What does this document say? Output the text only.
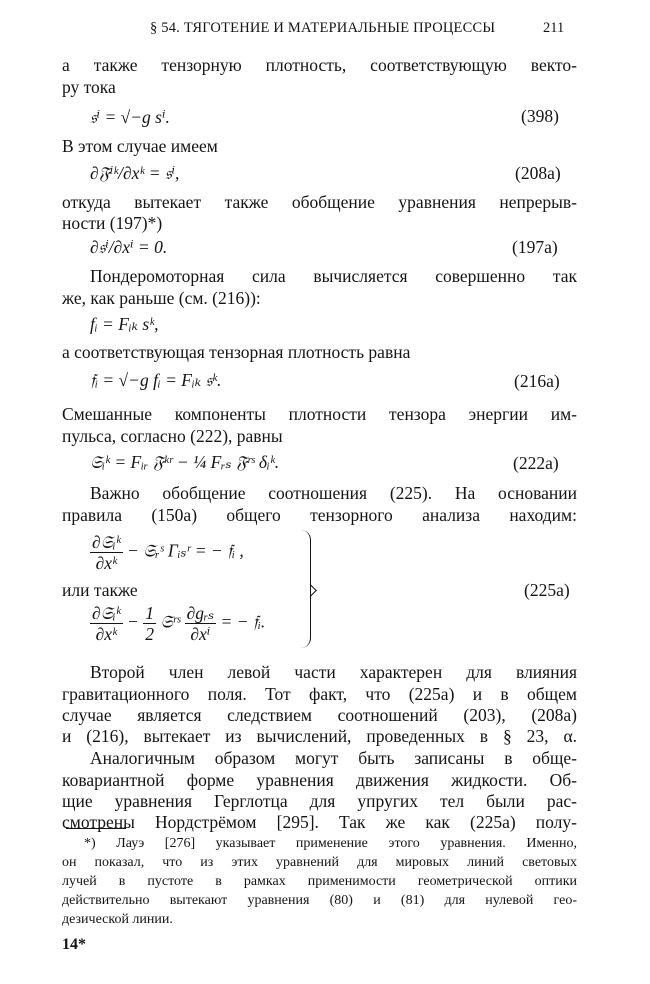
§ 54. ТЯГОТЕНИЕ И МАТЕРИАЛЬНЫЕ ПРОЦЕССЫ	211
а также тензорную плотность, соответствующую векто-
ру тока
𝔰ⁱ = √−g sⁱ.	(398)
В этом случае имеем
∂𝔉ⁱᵏ/∂xᵏ = 𝔰ⁱ,	(208a)
откуда вытекает также обобщение уравнения непрерыв-
ности (197)*)
∂𝔰ⁱ/∂xⁱ = 0.	(197a)
Пондеромоторная сила вычисляется совершенно так
же, как раньше (см. (216)):
fᵢ = Fᵢₖ sᵏ,
а соответствующая тензорная плотность равна
𝔣ᵢ = √−g fᵢ = Fᵢₖ 𝔰ᵏ.	(216a)
Смешанные компоненты плотности тензора энергии им-
пульса, согласно (222), равны
𝔖ᵢᵏ = Fᵢᵣ 𝔉ᵏʳ − ¼ Fᵣₛ 𝔉ʳˢ δᵢᵏ.	(222a)
Важно обобщение соотношения (225). На основании
правила (150а) общего тензорного анализа находим:
$\frac{\text{∂𝔖ᵢᵏ}}{\text{∂xᵏ}}$ − 𝔖ᵣˢ Γᵢₛʳ = − 𝔣ᵢ ,
или также
$\frac{\text{∂𝔖ᵢᵏ}}{\text{∂xᵏ}} - \frac{1}{2}$ 𝔖ʳˢ $\frac{\text{∂gᵣₛ}}{\text{∂xⁱ}}$ = − 𝔣ᵢ.
(225a)
Второй член левой части характерен для влияния
гравитационного поля. Тот факт, что (225а) и в общем
случае является следствием соотношений (203), (208а)
и (216), вытекает из вычислений, проведенных в § 23, α.
Аналогичным образом могут быть записаны в обще-
ковариантной форме уравнения движения жидкости. Об-
щие уравнения Герглотца для упругих тел были рас-
смотрены Нордстрёмом [295]. Так же как (225а) полу-
*) Лауэ [276] указывает применение этого уравнения. Именно,
он показал, что из этих уравнений для мировых линий световых
лучей в пустоте в рамках применимости геометрической оптики
действительно вытекают уравнения (80) и (81) для нулевой гео-
дезической линии.
14*
